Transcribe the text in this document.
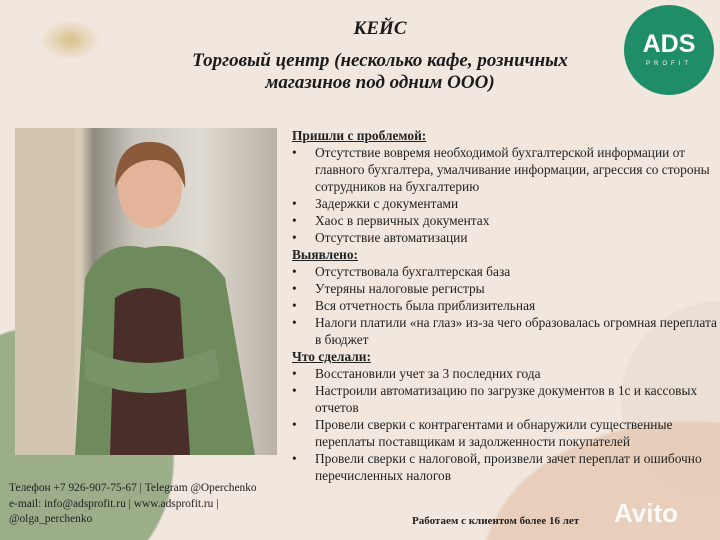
КЕЙС
Торговый центр (несколько кафе, розничных
магазинов под одним ООО)
ADS
PROFIT
Пришли с проблемой:
• Отсутствие вовремя необходимой бухгалтерской информации от главного бухгалтера, умалчивание информации, агрессия со стороны сотрудников на бухгалтерию
• Задержки с документами
• Хаос в первичных документах
• Отсутствие автоматизации
Выявлено:
• Отсутствовала бухгалтерская база
• Утеряны налоговые регистры
• Вся отчетность была приблизительная
• Налоги платили «на глаз» из-за чего образовалась огромная переплата в бюджет
Что сделали:
• Восстановили учет за 3 последних года
• Настроили автоматизацию по загрузке документов в 1с и кассовых отчетов
• Провели сверки с контрагентами и обнаружили существенные переплаты поставщикам и задолженности покупателей
• Провели сверки с налоговой, произвели зачет переплат и ошибочно перечисленных налогов
Телефон +7 926-907-75-67 | Telegram @Operchenko
e-mail: info@adsprofit.ru | www.adsprofit.ru |
@olga_perchenko	Работаем с клиентом более 16 лет Avito
